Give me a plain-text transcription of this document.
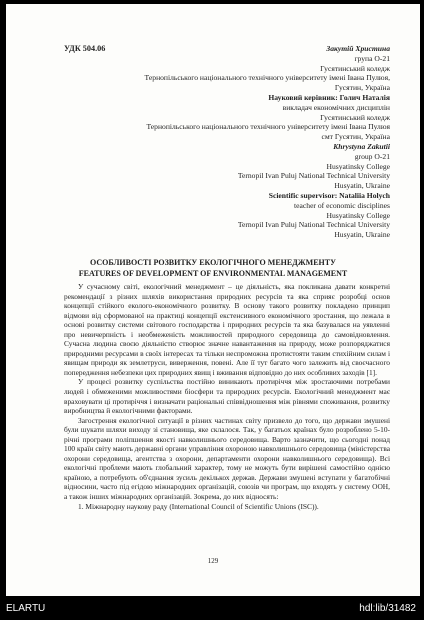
УДК 504.06	Закутій Христина
група О-21
Гусятинський коледж
Тернопільського національного технічного університету імені Івана Пулюя,
Гусятин, Україна
Науковий керівник: Голич Наталія
викладач економічних дисциплін
Гусятинський коледж
Тернопільського національного технічного університету імені Івана Пулюя
смт Гусятин, Україна
Khrystyna Zakutii
group O-21
Husyatinsky College
Ternopil Ivan Puluj National Technical University
Husyatin, Ukraine
Scientific supervisor: Nataliia Holych
teacher of economic disciplines
Husyatinsky College
Ternopil Ivan Puluj National Technical University
Husyatin, Ukraine
ОСОБЛИВОСТІ РОЗВИТКУ ЕКОЛОГІЧНОГО МЕНЕДЖМЕНТУ
FEATURES OF DEVELOPMENT OF ENVIRONMENTAL MANAGEMENT

У сучасному світі, екологічний менеджмент – це діяльність, яка покликана давати конкретні рекомендації з різних шляхів використання природних ресурсів та яка сприяє розробці основ концепції стійкого еколого-економічного розвитку. В основу такого розвитку покладено принцип відмови від сформованої на практиці концепції екстенсивного економічного зростання, що лежала в основі розвитку системи світового господарства і природних ресурсів та яка базувалася на уявленні про невичерпність і необмеженість можливостей природного середовища до самовідновлення. Сучасна людина своєю діяльністю створює значне навантаження на природу, може розпоряджатися природними ресурсами в своїх інтересах та тільки неспроможна протистояти таким стихійним силам і явищам природи як землетруси, виверження, повені. Але її тут багато чого залежить від своєчасного попередження небезпеки цих природних явищ і вживання відповідно до них особливих заходів [1].

У процесі розвитку суспільства постійно виникають протиріччя між зростаючими потребами людей і обмеженими можливостями біосфери та природних ресурсів. Екологічний менеджмент має враховувати ці протиріччя і визначати раціональні співвідношення між рівнями споживання, розвитку виробництва й екологічними факторами.

Загострення екологічної ситуації в різних частинах світу призвело до того, що держави змушені були шукати шляхи виходу зі становища, яке склалося. Так, у багатьох країнах було розроблено 5-10-річні програми поліпшення якості навколишнього середовища. Варто зазначити, що сьогодні понад 100 країн світу мають державні органи управління охороною навколишнього середовища (міністерства охорони середовища, агентства з охорони, департаменти охорони навколишнього середовища). Всі екологічні проблеми мають глобальний характер, тому не можуть бути вирішені самостійно однією країною, а потребують об'єднання зусиль декількох держав. Держави змушені вступати у багатобічні відносини, часто під егідою міжнародних організацій, союзів чи програм, що входять у систему ООН, а також інших міжнародних організацій. Зокрема, до них відносять:

1. Міжнародну наукову раду (International Council of Scientific Unions (ISC)).

129
ELARTU	hdl:lib/31482
